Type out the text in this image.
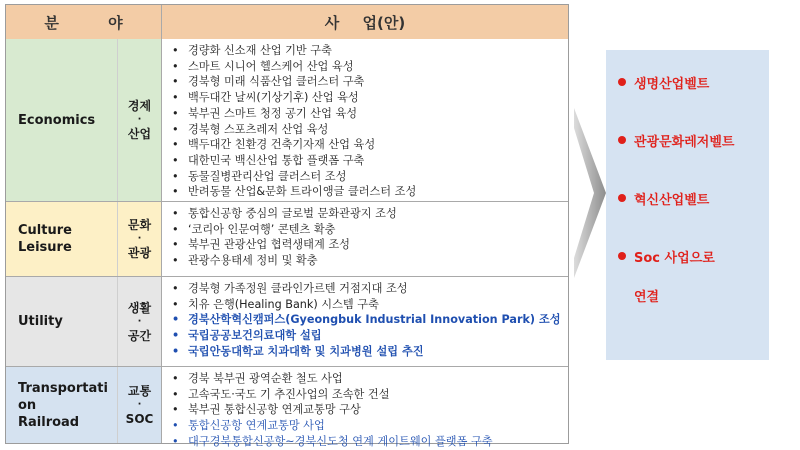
분 야	사 업(안)
Economics
경제
·
산업
• 경량화 신소재 산업 기반 구축
• 스마트 시니어 헬스케어 산업 육성
• 경북형 미래 식품산업 클러스터 구축
• 백두대간 날씨(기상기후) 산업 육성
• 북부권 스마트 청정 공기 산업 육성
• 경북형 스포츠레저 산업 육성
• 백두대간 친환경 건축기자재 산업 육성
• 대한민국 백신산업 통합 플랫폼 구축
• 동물질병관리산업 클러스터 조성
• 반려동물 산업&문화 트라이앵글 클러스터 조성
Culture Leisure
문화
·
관광
• 통합신공항 중심의 글로벌 문화관광지 조성
• ‘코리아 인문여행’ 콘텐츠 확충
• 북부권 관광산업 협력생태계 조성
• 관광수용태세 정비 및 확충
Utility
생활
·
공간
• 경북형 가족정원 클라인가르텐 거점지대 조성
• 치유 은행(Healing Bank) 시스템 구축
• 경북산학혁신캠퍼스(Gyeongbuk Industrial Innovation Park) 조성
• 국립공공보건의료대학 설립
• 국립안동대학교 치과대학 및 치과병원 설립 추진
Transportati
on
Railroad
교통
·
SOC
• 경북 북부권 광역순환 철도 사업
• 고속국도·국도 기 추진사업의 조속한 건설
• 북부권 통합신공항 연계교통망 구상
• 통합신공항 연계교통망 사업
• 대구경북통합신공항~경북신도청 연계 게이트웨이 플랫폼 구축
생명산업벨트
관광문화레저벨트
혁신산업벨트
Soc 사업으로
연결
